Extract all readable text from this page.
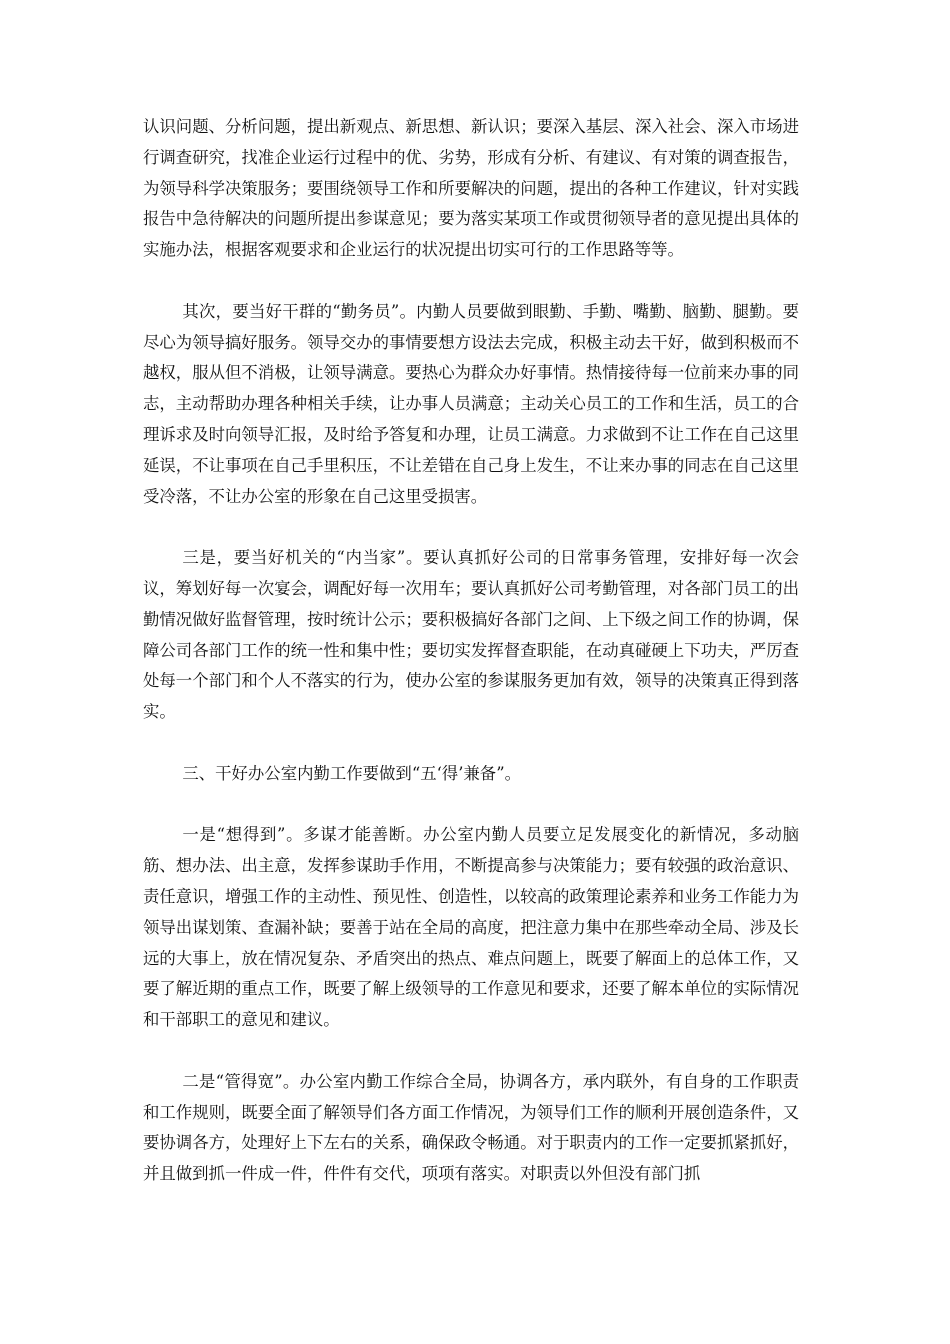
认识问题、分析问题，提出新观点、新思想、新认识；要深入基层、深入社会、深入市场进行调查研究，找准企业运行过程中的优、劣势，形成有分析、有建议、有对策的调查报告，为领导科学决策服务；要围绕领导工作和所要解决的问题，提出的各种工作建议，针对实践报告中急待解决的问题所提出参谋意见；要为落实某项工作或贯彻领导者的意见提出具体的实施办法，根据客观要求和企业运行的状况提出切实可行的工作思路等等。

其次，要当好干群的“勤务员”。内勤人员要做到眼勤、手勤、嘴勤、脑勤、腿勤。要尽心为领导搞好服务。领导交办的事情要想方设法去完成，积极主动去干好，做到积极而不越权，服从但不消极，让领导满意。要热心为群众办好事情。热情接待每一位前来办事的同志，主动帮助办理各种相关手续，让办事人员满意；主动关心员工的工作和生活，员工的合理诉求及时向领导汇报，及时给予答复和办理，让员工满意。力求做到不让工作在自己这里延误，不让事项在自己手里积压，不让差错在自己身上发生，不让来办事的同志在自己这里受冷落，不让办公室的形象在自己这里受损害。

三是，要当好机关的“内当家”。要认真抓好公司的日常事务管理，安排好每一次会议，筹划好每一次宴会，调配好每一次用车；要认真抓好公司考勤管理，对各部门员工的出勤情况做好监督管理，按时统计公示；要积极搞好各部门之间、上下级之间工作的协调，保障公司各部门工作的统一性和集中性；要切实发挥督查职能，在动真碰硬上下功夫，严厉查处每一个部门和个人不落实的行为，使办公室的参谋服务更加有效，领导的决策真正得到落实。

三、干好办公室内勤工作要做到“五‘得’兼备”。

一是“想得到”。多谋才能善断。办公室内勤人员要立足发展变化的新情况，多动脑筋、想办法、出主意，发挥参谋助手作用，不断提高参与决策能力；要有较强的政治意识、责任意识，增强工作的主动性、预见性、创造性，以较高的政策理论素养和业务工作能力为领导出谋划策、查漏补缺；要善于站在全局的高度，把注意力集中在那些牵动全局、涉及长远的大事上，放在情况复杂、矛盾突出的热点、难点问题上，既要了解面上的总体工作，又要了解近期的重点工作，既要了解上级领导的工作意见和要求，还要了解本单位的实际情况和干部职工的意见和建议。

二是“管得宽”。办公室内勤工作综合全局，协调各方，承内联外，有自身的工作职责和工作规则，既要全面了解领导们各方面工作情况，为领导们工作的顺利开展创造条件，又要协调各方，处理好上下左右的关系，确保政令畅通。对于职责内的工作一定要抓紧抓好，并且做到抓一件成一件，件件有交代，项项有落实。对职责以外但没有部门抓
